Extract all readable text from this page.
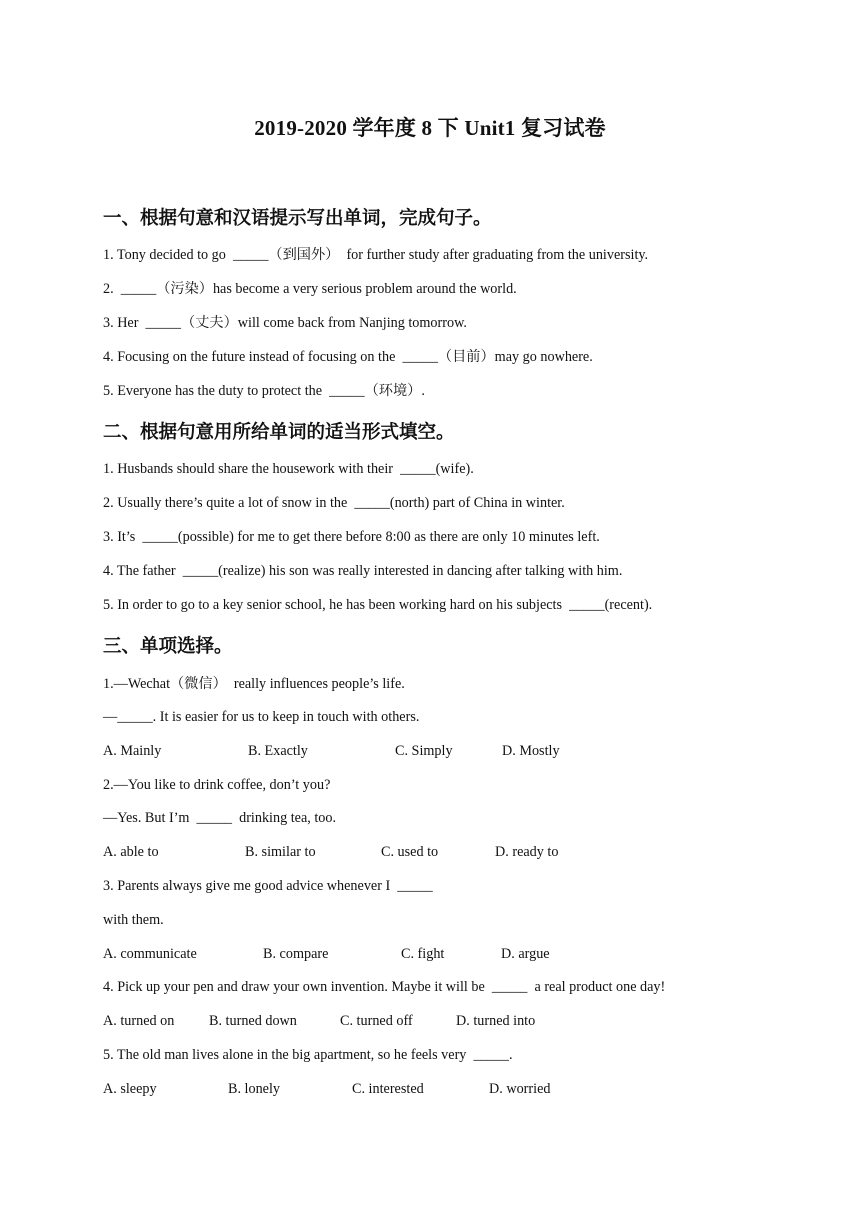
2019-2020 学年度 8 下 Unit1 复习试卷
一、根据句意和汉语提示写出单词，完成句子。
1. Tony decided to go  _____（到国外）  for further study after graduating from the university.
2.  _____（污染）has become a very serious problem around the world.
3. Her  _____（丈夫）will come back from Nanjing tomorrow.
4. Focusing on the future instead of focusing on the  _____（目前）may go nowhere.
5. Everyone has the duty to protect the  _____（环境）.
二、根据句意用所给单词的适当形式填空。
1. Husbands should share the housework with their  _____(wife).
2. Usually there’s quite a lot of snow in the  _____(north) part of China in winter.
3. It’s  _____(possible) for me to get there before 8:00 as there are only 10 minutes left.
4. The father  _____(realize) his son was really interested in dancing after talking with him.
5. In order to go to a key senior school, he has been working hard on his subjects  _____(recent).
三、单项选择。
1.—Wechat（微信）  really influences people’s life.
—_____. It is easier for us to keep in touch with others.
A. Mainly	B. Exactly	C. Simply	D. Mostly
2.—You like to drink coffee, don’t you?
—Yes. But I’m  _____  drinking tea, too.
A. able to	B. similar to	C. used to	D. ready to
3. Parents always give me good advice whenever I  _____
with them.
A. communicate	B. compare	C. fight	D. argue
4. Pick up your pen and draw your own invention. Maybe it will be  _____  a real product one day!
A. turned on B. turned down	C. turned off	D. turned into
5. The old man lives alone in the big apartment, so he feels very  _____.
A. sleepy	B. lonely	C. interested	D. worried
